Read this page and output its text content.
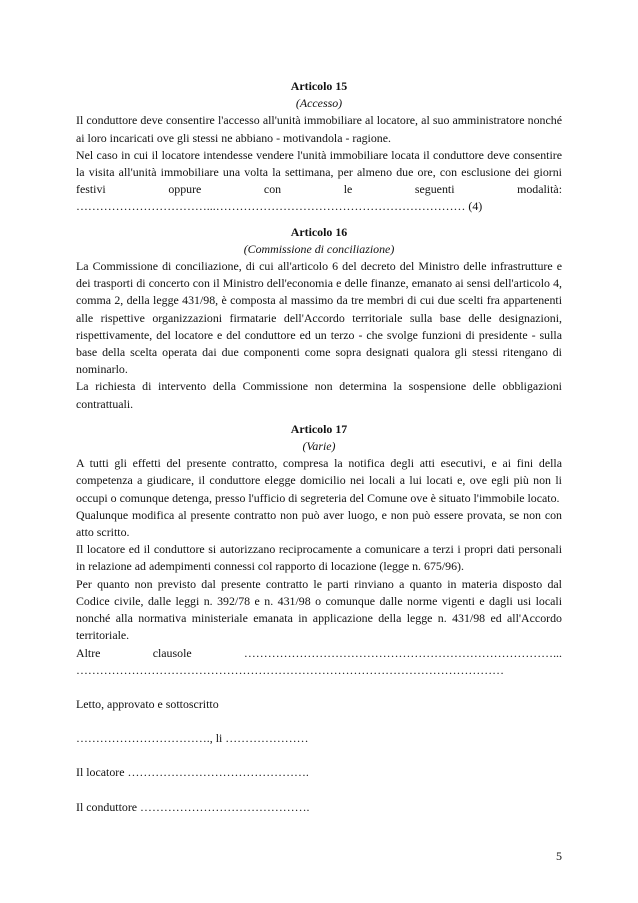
Articolo 15
(Accesso)
Il conduttore deve consentire l'accesso all'unità immobiliare al locatore, al suo amministratore nonché ai loro incaricati ove gli stessi ne abbiano - motivandola - ragione.
Nel caso in cui il locatore intendesse vendere l'unità immobiliare locata il conduttore deve consentire la visita all'unità immobiliare una volta la settimana, per almeno due ore, con esclusione dei giorni festivi oppure con le seguenti modalità:
……………………………...……………………………………………………… (4)
Articolo 16
(Commissione di conciliazione)
La Commissione di conciliazione, di cui all'articolo 6 del decreto del Ministro delle infrastrutture e dei trasporti di concerto con il Ministro dell'economia e delle finanze, emanato ai sensi dell'articolo 4, comma 2, della legge 431/98, è composta al massimo da tre membri di cui due scelti fra appartenenti alle rispettive organizzazioni firmatarie dell'Accordo territoriale sulla base delle designazioni, rispettivamente, del locatore e del conduttore ed un terzo - che svolge funzioni di presidente - sulla base della scelta operata dai due componenti come sopra designati qualora gli stessi ritengano di nominarlo.
La richiesta di intervento della Commissione non determina la sospensione delle obbligazioni contrattuali.
Articolo 17
(Varie)
A tutti gli effetti del presente contratto, compresa la notifica degli atti esecutivi, e ai fini della competenza a giudicare, il conduttore elegge domicilio nei locali a lui locati e, ove egli più non li occupi o comunque detenga, presso l'ufficio di segreteria del Comune ove è situato l'immobile locato.
Qualunque modifica al presente contratto non può aver luogo, e non può essere provata, se non con atto scritto.
Il locatore ed il conduttore si autorizzano reciprocamente a comunicare a terzi i propri dati personali in relazione ad adempimenti connessi col rapporto di locazione (legge n. 675/96).
Per quanto non previsto dal presente contratto le parti rinviano a quanto in materia disposto dal Codice civile, dalle leggi n. 392/78 e n. 431/98 o comunque dalle norme vigenti e dagli usi locali nonché alla normativa ministeriale emanata in applicazione della legge n. 431/98 ed all'Accordo territoriale.
Altre clausole ……………………………………………………………………...
………………………………………………………………………………………………
Letto, approvato e sottoscritto
……………………………., li …………………
Il locatore ……………………………………….
Il conduttore …………………………………….
5
